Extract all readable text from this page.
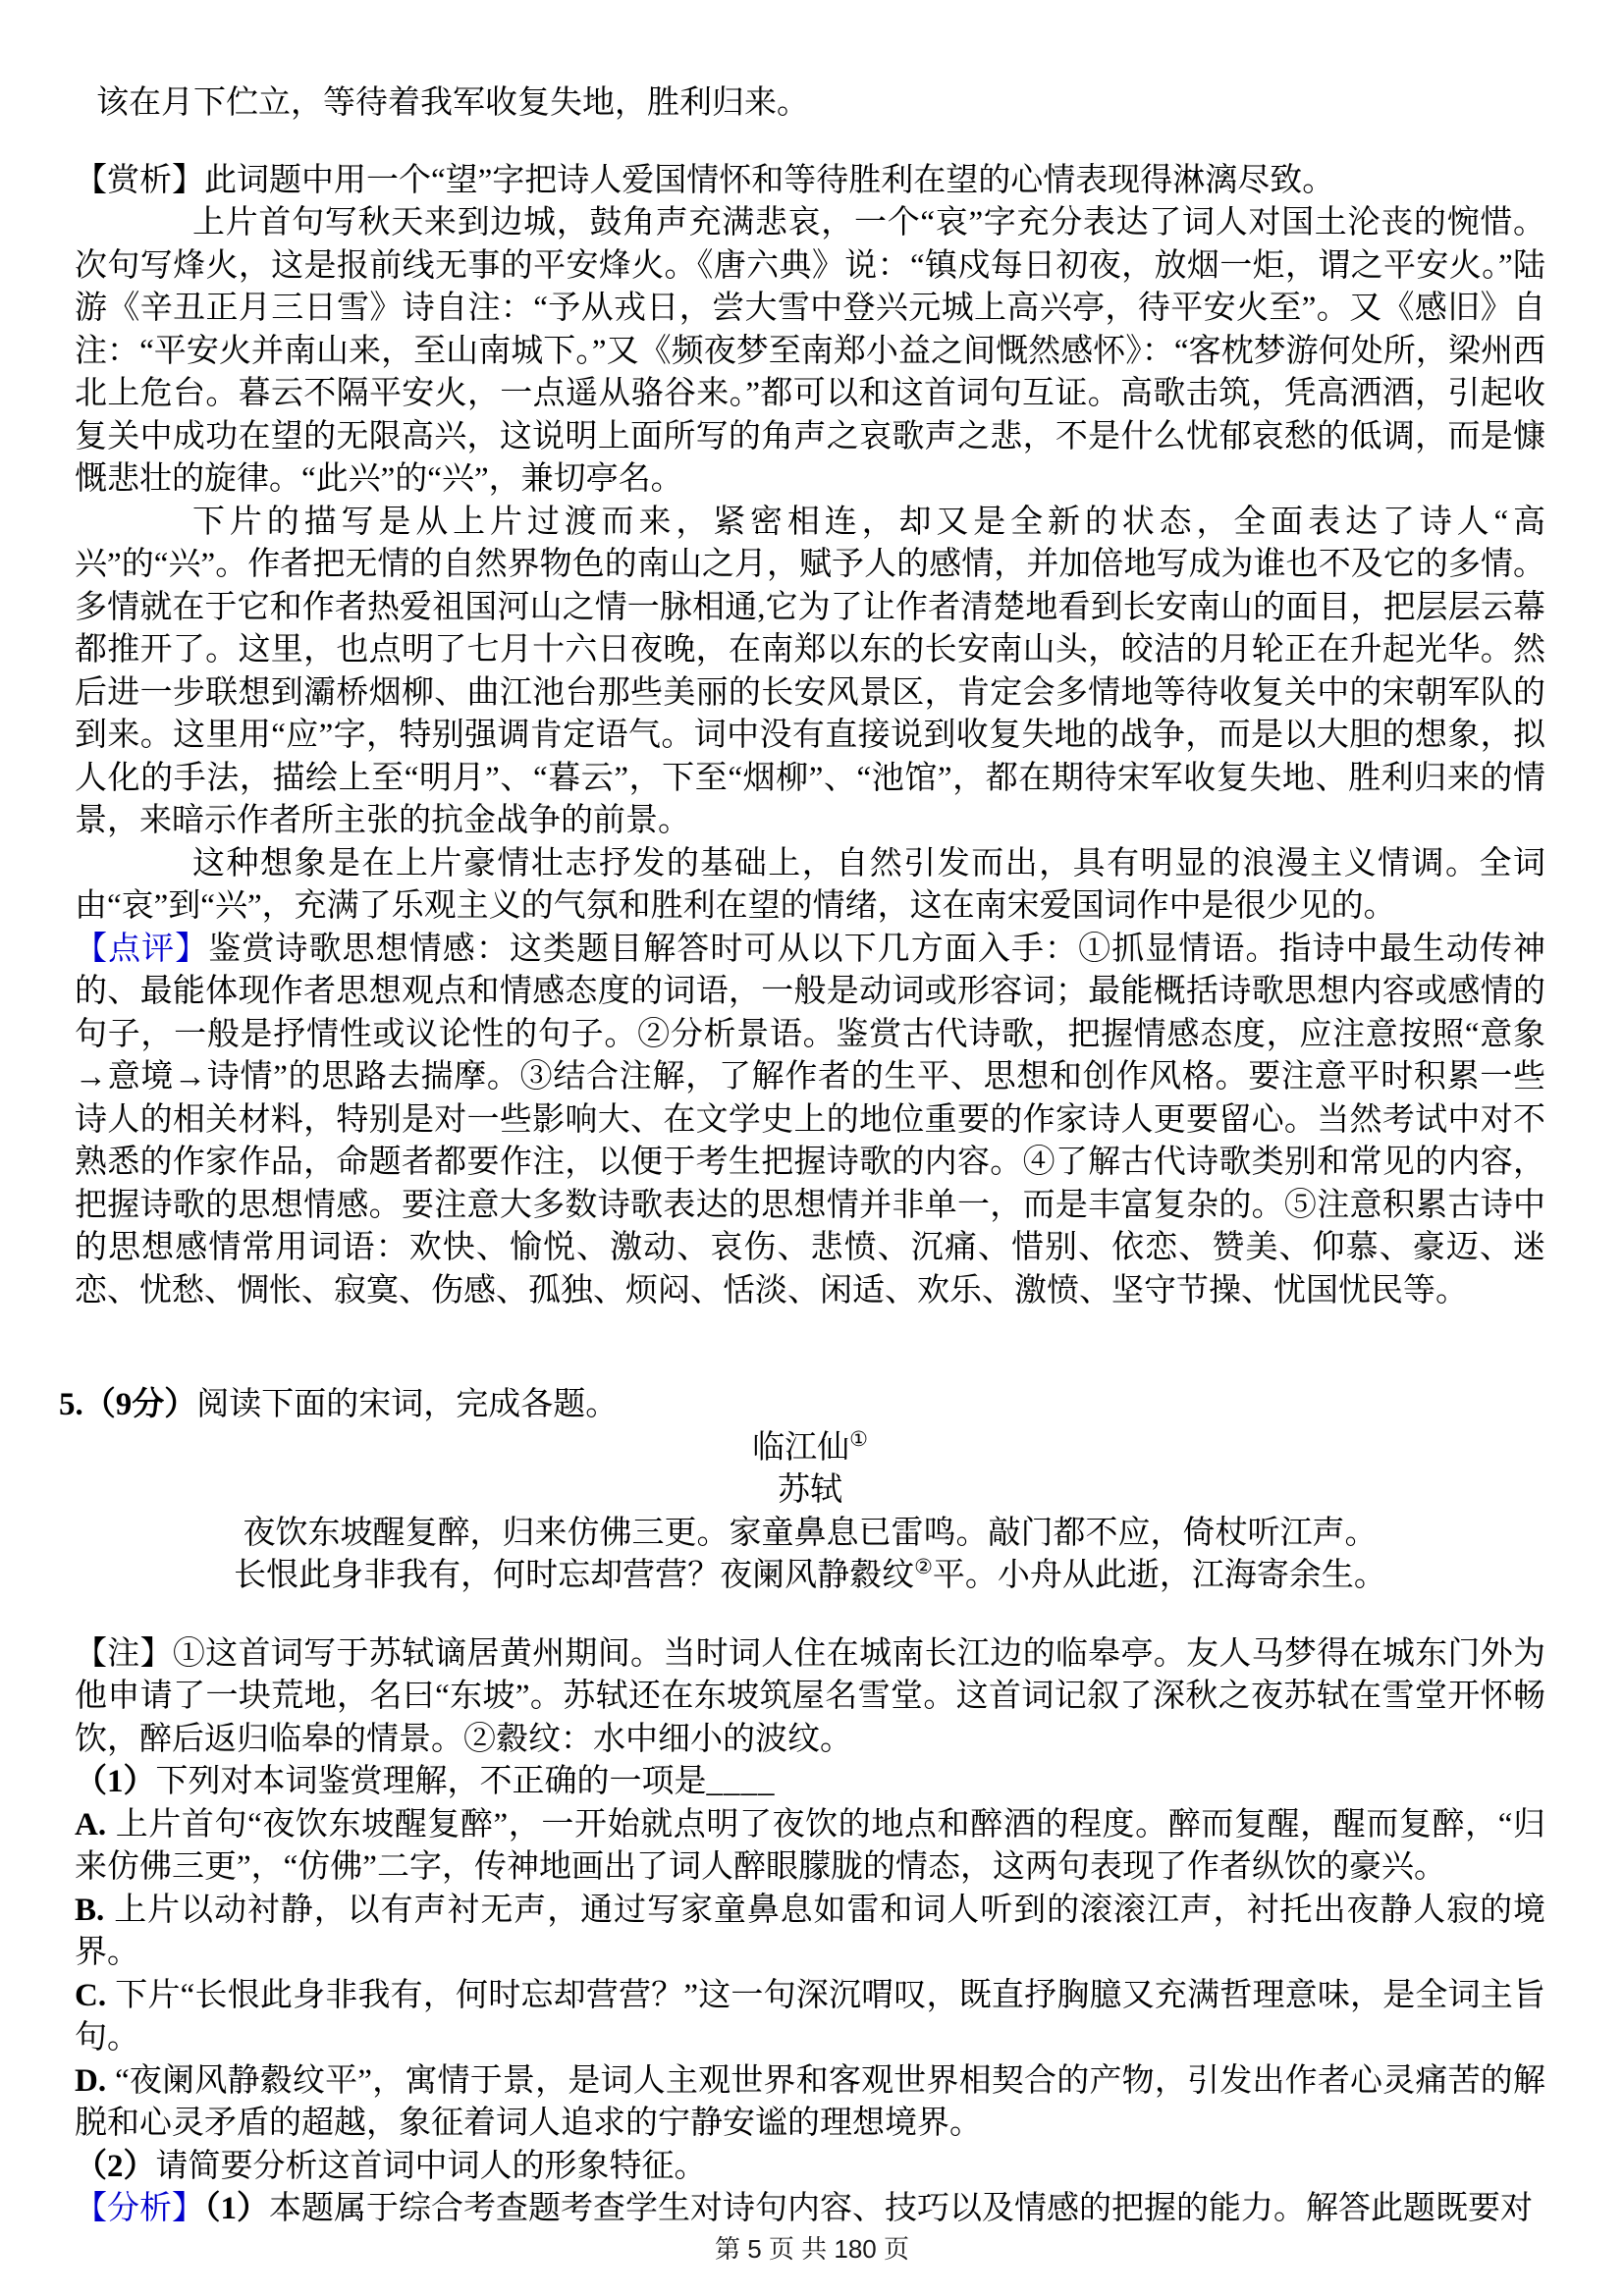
该在月下伫立，等待着我军收复失地，胜利归来。

【赏析】此词题中用一个“望”字把诗人爱国情怀和等待胜利在望的心情表现得淋漓尽致。

上片首句写秋天来到边城，鼓角声充满悲哀，一个“哀”字充分表达了词人对国土沦丧的惋惜。次句写烽火，这是报前线无事的平安烽火。《唐六典》说：“镇戍每日初夜，放烟一炬，谓之平安火。”陆游《辛丑正月三日雪》诗自注：“予从戎日，尝大雪中登兴元城上高兴亭，待平安火至”。又《感旧》自注：“平安火并南山来，至山南城下。”又《频夜梦至南郑小益之间慨然感怀》：“客枕梦游何处所，梁州西北上危台。暮云不隔平安火，一点遥从骆谷来。”都可以和这首词句互证。高歌击筑，凭高洒酒，引起收复关中成功在望的无限高兴，这说明上面所写的角声之哀歌声之悲，不是什么忧郁哀愁的低调，而是慷慨悲壮的旋律。“此兴”的“兴”，兼切亭名。

下片的描写是从上片过渡而来，紧密相连，却又是全新的状态，全面表达了诗人“高兴”的“兴”。作者把无情的自然界物色的南山之月，赋予人的感情，并加倍地写成为谁也不及它的多情。多情就在于它和作者热爱祖国河山之情一脉相通,它为了让作者清楚地看到长安南山的面目，把层层云幕都推开了。这里，也点明了七月十六日夜晚，在南郑以东的长安南山头，皎洁的月轮正在升起光华。然后进一步联想到灞桥烟柳、曲江池台那些美丽的长安风景区，肯定会多情地等待收复关中的宋朝军队的到来。这里用“应”字，特别强调肯定语气。词中没有直接说到收复失地的战争，而是以大胆的想象，拟人化的手法，描绘上至“明月”、“暮云”，下至“烟柳”、“池馆”，都在期待宋军收复失地、胜利归来的情景，来暗示作者所主张的抗金战争的前景。

这种想象是在上片豪情壮志抒发的基础上，自然引发而出，具有明显的浪漫主义情调。全词由“哀”到“兴”，充满了乐观主义的气氛和胜利在望的情绪，这在南宋爱国词作中是很少见的。

【点评】鉴赏诗歌思想情感：这类题目解答时可从以下几方面入手：①抓显情语。指诗中最生动传神的、最能体现作者思想观点和情感态度的词语，一般是动词或形容词；最能概括诗歌思想内容或感情的句子，一般是抒情性或议论性的句子。②分析景语。鉴赏古代诗歌，把握情感态度，应注意按照“意象→意境→诗情”的思路去揣摩。③结合注解，了解作者的生平、思想和创作风格。要注意平时积累一些诗人的相关材料，特别是对一些影响大、在文学史上的地位重要的作家诗人更要留心。当然考试中对不熟悉的作家作品，命题者都要作注，以便于考生把握诗歌的内容。④了解古代诗歌类别和常见的内容，把握诗歌的思想情感。要注意大多数诗歌表达的思想情并非单一，而是丰富复杂的。⑤注意积累古诗中的思想感情常用词语：欢快、愉悦、激动、哀伤、悲愤、沉痛、惜别、依恋、赞美、仰慕、豪迈、迷恋、忧愁、惆怅、寂寞、伤感、孤独、烦闷、恬淡、闲适、欢乐、激愤、坚守节操、忧国忧民等。

5.（9分）阅读下面的宋词，完成各题。

临江仙①

苏轼

夜饮东坡醒复醉，归来仿佛三更。家童鼻息已雷鸣。敲门都不应，倚杖听江声。

长恨此身非我有，何时忘却营营？夜阑风静縠纹②平。小舟从此逝，江海寄余生。

【注】①这首词写于苏轼谪居黄州期间。当时词人住在城南长江边的临皋亭。友人马梦得在城东门外为他申请了一块荒地，名曰“东坡”。苏轼还在东坡筑屋名雪堂。这首词记叙了深秋之夜苏轼在雪堂开怀畅饮，醉后返归临皋的情景。②縠纹：水中细小的波纹。

（1）下列对本词鉴赏理解，不正确的一项是____

A. 上片首句“夜饮东坡醒复醉”，一开始就点明了夜饮的地点和醉酒的程度。醉而复醒，醒而复醉，“归来仿佛三更”，“仿佛”二字，传神地画出了词人醉眼朦胧的情态，这两句表现了作者纵饮的豪兴。

B. 上片以动衬静，以有声衬无声，通过写家童鼻息如雷和词人听到的滚滚江声，衬托出夜静人寂的境界。

C. 下片“长恨此身非我有，何时忘却营营？”这一句深沉喟叹，既直抒胸臆又充满哲理意味，是全词主旨句。

D. “夜阑风静縠纹平”，寓情于景，是词人主观世界和客观世界相契合的产物，引发出作者心灵痛苦的解脱和心灵矛盾的超越，象征着词人追求的宁静安谧的理想境界。

（2）请简要分析这首词中词人的形象特征。

【分析】（1）本题属于综合考查题考查学生对诗句内容、技巧以及情感的把握的能力。解答此题既要对

第 5 页 共 180 页
